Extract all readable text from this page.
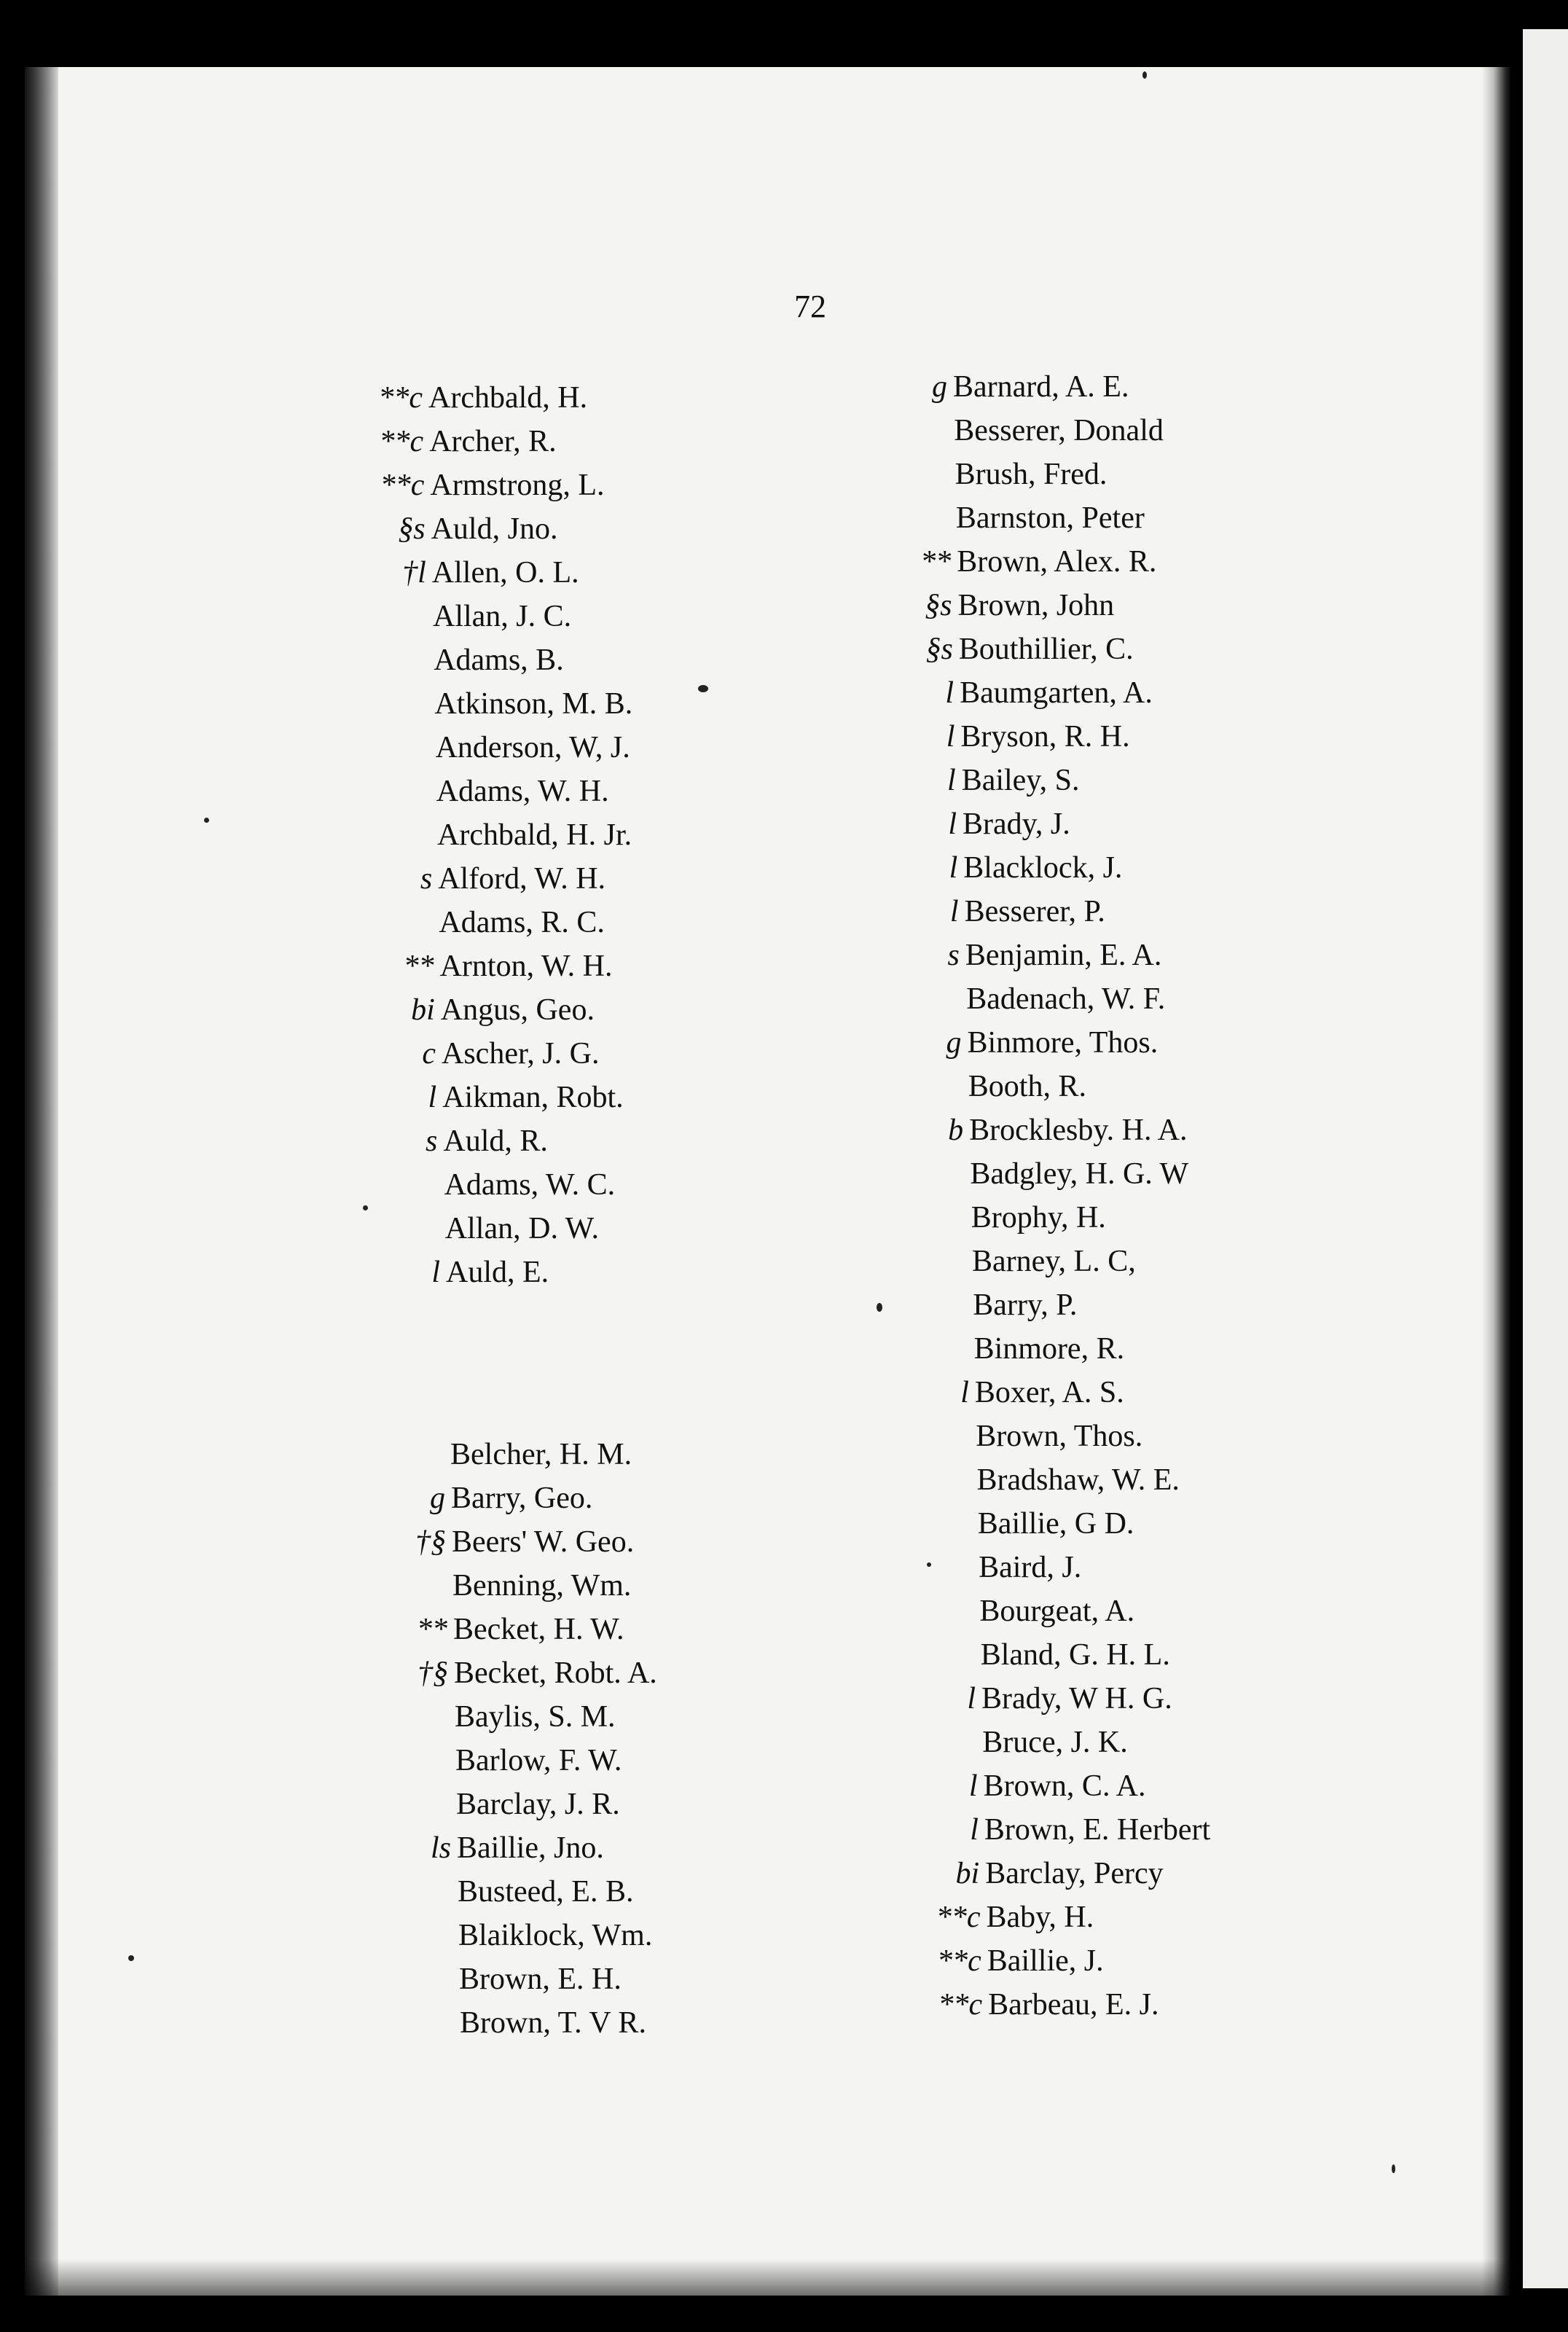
72
**c Archbald, H.
**c Archer, R.
**c Armstrong, L.
§s Auld, Jno.
†l Allen, O. L.
Allan, J. C.
Adams, B.
Atkinson, M. B.
Anderson, W, J.
Adams, W. H.
Archbald, H. Jr.
s Alford, W. H.
Adams, R. C.
** Arnton, W. H.
bi Angus, Geo.
c Ascher, J. G.
l Aikman, Robt.
s Auld, R.
Adams, W. C.
Allan, D. W.
l Auld, E.
Belcher, H. M.
g Barry, Geo.
†§ Beers' W. Geo.
Benning, Wm.
** Becket, H. W.
†§ Becket, Robt. A.
Baylis, S. M.
Barlow, F. W.
Barclay, J. R.
ls Baillie, Jno.
Busteed, E. B.
Blaiklock, Wm.
Brown, E. H.
Brown, T. V R.
g Barnard, A. E.
Besserer, Donald
Brush, Fred.
Barnston, Peter
** Brown, Alex. R.
§s Brown, John
§s Bouthillier, C.
l Baumgarten, A.
l Bryson, R. H.
l Bailey, S.
l Brady, J.
l Blacklock, J.
l Besserer, P.
s Benjamin, E. A.
Badenach, W. F.
g Binmore, Thos.
Booth, R.
b Brocklesby. H. A.
Badgley, H. G. W
Brophy, H.
Barney, L. C,
Barry, P.
Binmore, R.
l Boxer, A. S.
Brown, Thos.
Bradshaw, W. E.
Baillie, G D.
Baird, J.
Bourgeat, A.
Bland, G. H. L.
l Brady, W H. G.
Bruce, J. K.
l Brown, C. A.
l Brown, E. Herbert
bi Barclay, Percy
**c Baby, H.
**c Baillie, J.
**c Barbeau, E. J.
